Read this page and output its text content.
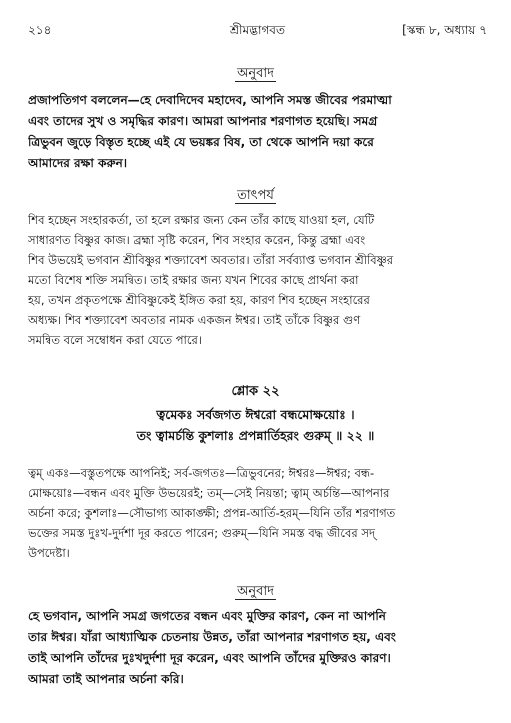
২১৪	শ্রীমদ্ভাগবত	[স্কন্ধ ৮, অধ্যায় ৭
অনুবাদ
প্রজাপতিগণ বললেন—হে দেবাদিদেব মহাদেব, আপনি সমস্ত জীবের পরমাত্মা
এবং তাদের সুখ ও সমৃদ্ধির কারণ। আমরা আপনার শরণাগত হয়েছি। সমগ্র
ত্রিভুবন জুড়ে বিস্তৃত হচ্ছে এই যে ভয়ঙ্কর বিষ, তা থেকে আপনি দয়া করে
আমাদের রক্ষা করুন।
তাৎপর্য
শিব হচ্ছেন সংহারকর্তা, তা হলে রক্ষার জন্য কেন তাঁর কাছে যাওয়া হল, যেটি
সাধারণত বিষ্ণুর কাজ। ব্রহ্মা সৃষ্টি করেন, শিব সংহার করেন, কিন্তু ব্রহ্মা এবং
শিব উভয়েই ভগবান শ্রীবিষ্ণুর শক্ত্যাবেশ অবতার। তাঁরা সর্বব্যাপ্ত ভগবান শ্রীবিষ্ণুর
মতো বিশেষ শক্তি সমন্বিত। তাই রক্ষার জন্য যখন শিবের কাছে প্রার্থনা করা
হয়, তখন প্রকৃতপক্ষে শ্রীবিষ্ণুকেই ইঙ্গিত করা হয়, কারণ শিব হচ্ছেন সংহারের
অধ্যক্ষ। শিব শক্ত্যাবেশ অবতার নামক একজন ঈশ্বর। তাই তাঁকে বিষ্ণুর গুণ
সমন্বিত বলে সম্বোধন করা যেতে পারে।
শ্লোক ২২
ত্বমেকঃ সর্বজগত ঈশ্বরো বন্ধমোক্ষয়োঃ ।
তং ত্বামর্চন্তি কুশলাঃ প্রপন্নার্তিহরং গুরুম্ ॥ ২২ ॥
ত্বম্ একঃ—বস্তুতপক্ষে আপনিই; সর্ব-জগতঃ—ত্রিভুবনের; ঈশ্বরঃ—ঈশ্বর; বন্ধ-
মোক্ষয়োঃ—বন্ধন এবং মুক্তি উভয়েরই; তম্—সেই নিয়ন্তা; ত্বাম্ অর্চন্তি—আপনার
অর্চনা করে; কুশলাঃ—সৌভাগ্য আকাঙ্ক্ষী; প্রপন্ন-আর্তি-হরম্—যিনি তাঁর শরণাগত
ভক্তের সমস্ত দুঃখ-দুর্দশা দূর করতে পারেন; গুরুম্—যিনি সমস্ত বদ্ধ জীবের সদ্
উপদেষ্টা।
অনুবাদ
হে ভগবান, আপনি সমগ্র জগতের বন্ধন এবং মুক্তির কারণ, কেন না আপনি
তার ঈশ্বর। যাঁরা আধ্যাত্মিক চেতনায় উন্নত, তাঁরা আপনার শরণাগত হয়, এবং
তাই আপনি তাঁদের দুঃখদুর্দশা দূর করেন, এবং আপনি তাঁদের মুক্তিরও কারণ।
আমরা তাই আপনার অর্চনা করি।
